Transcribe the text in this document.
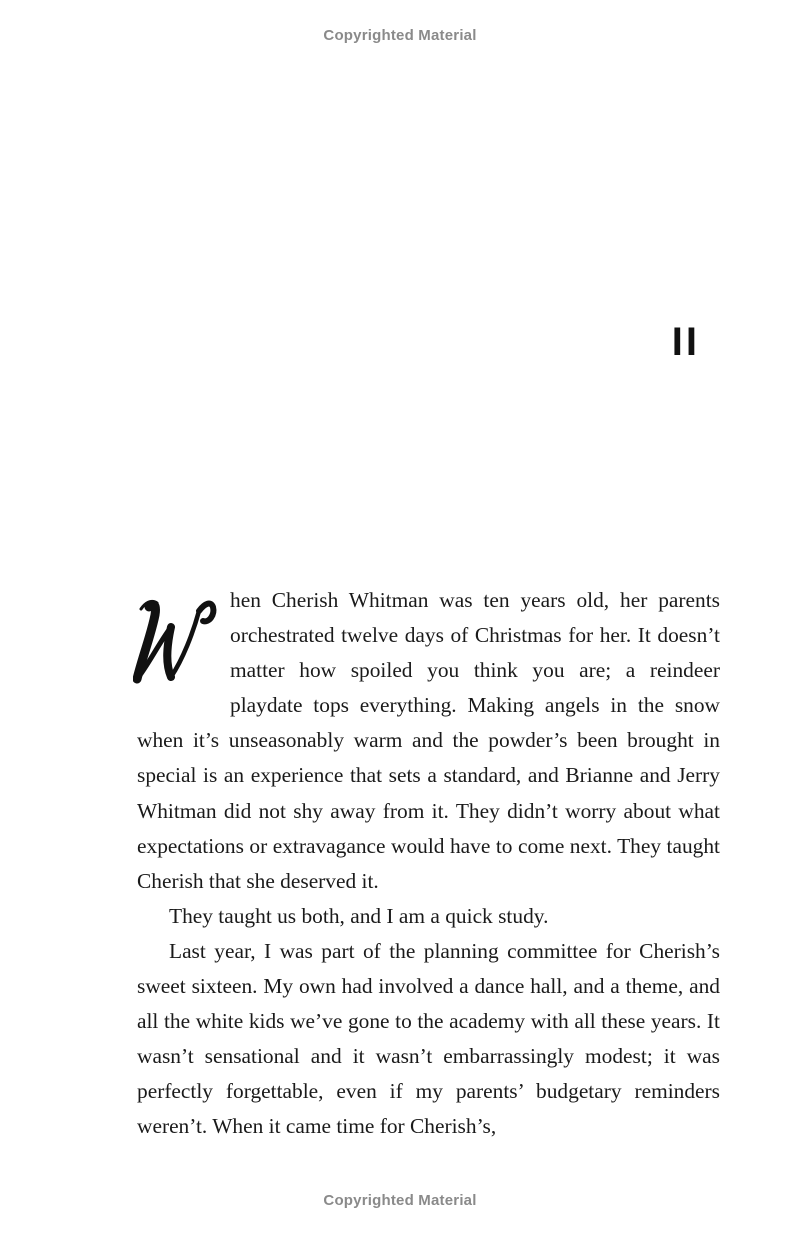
Copyrighted Material
II

hen Cherish Whitman was ten years old, her parents orchestrated twelve days of Christmas for her. It doesn’t matter how spoiled you think you are; a reindeer playdate tops everything. Making angels in the snow when it’s unseasonably warm and the powder’s been brought in special is an experience that sets a standard, and Brianne and Jerry Whitman did not shy away from it. They didn’t worry about what expectations or extravagance would have to come next. They taught Cherish that she deserved it.

They taught us both, and I am a quick study.

Last year, I was part of the planning committee for Cherish’s sweet sixteen. My own had involved a dance hall, and a theme, and all the white kids we’ve gone to the academy with all these years. It wasn’t sensational and it wasn’t embarrassingly modest; it was perfectly forgettable, even if my parents’ budgetary reminders weren’t. When it came time for Cherish’s,

Copyrighted Material
